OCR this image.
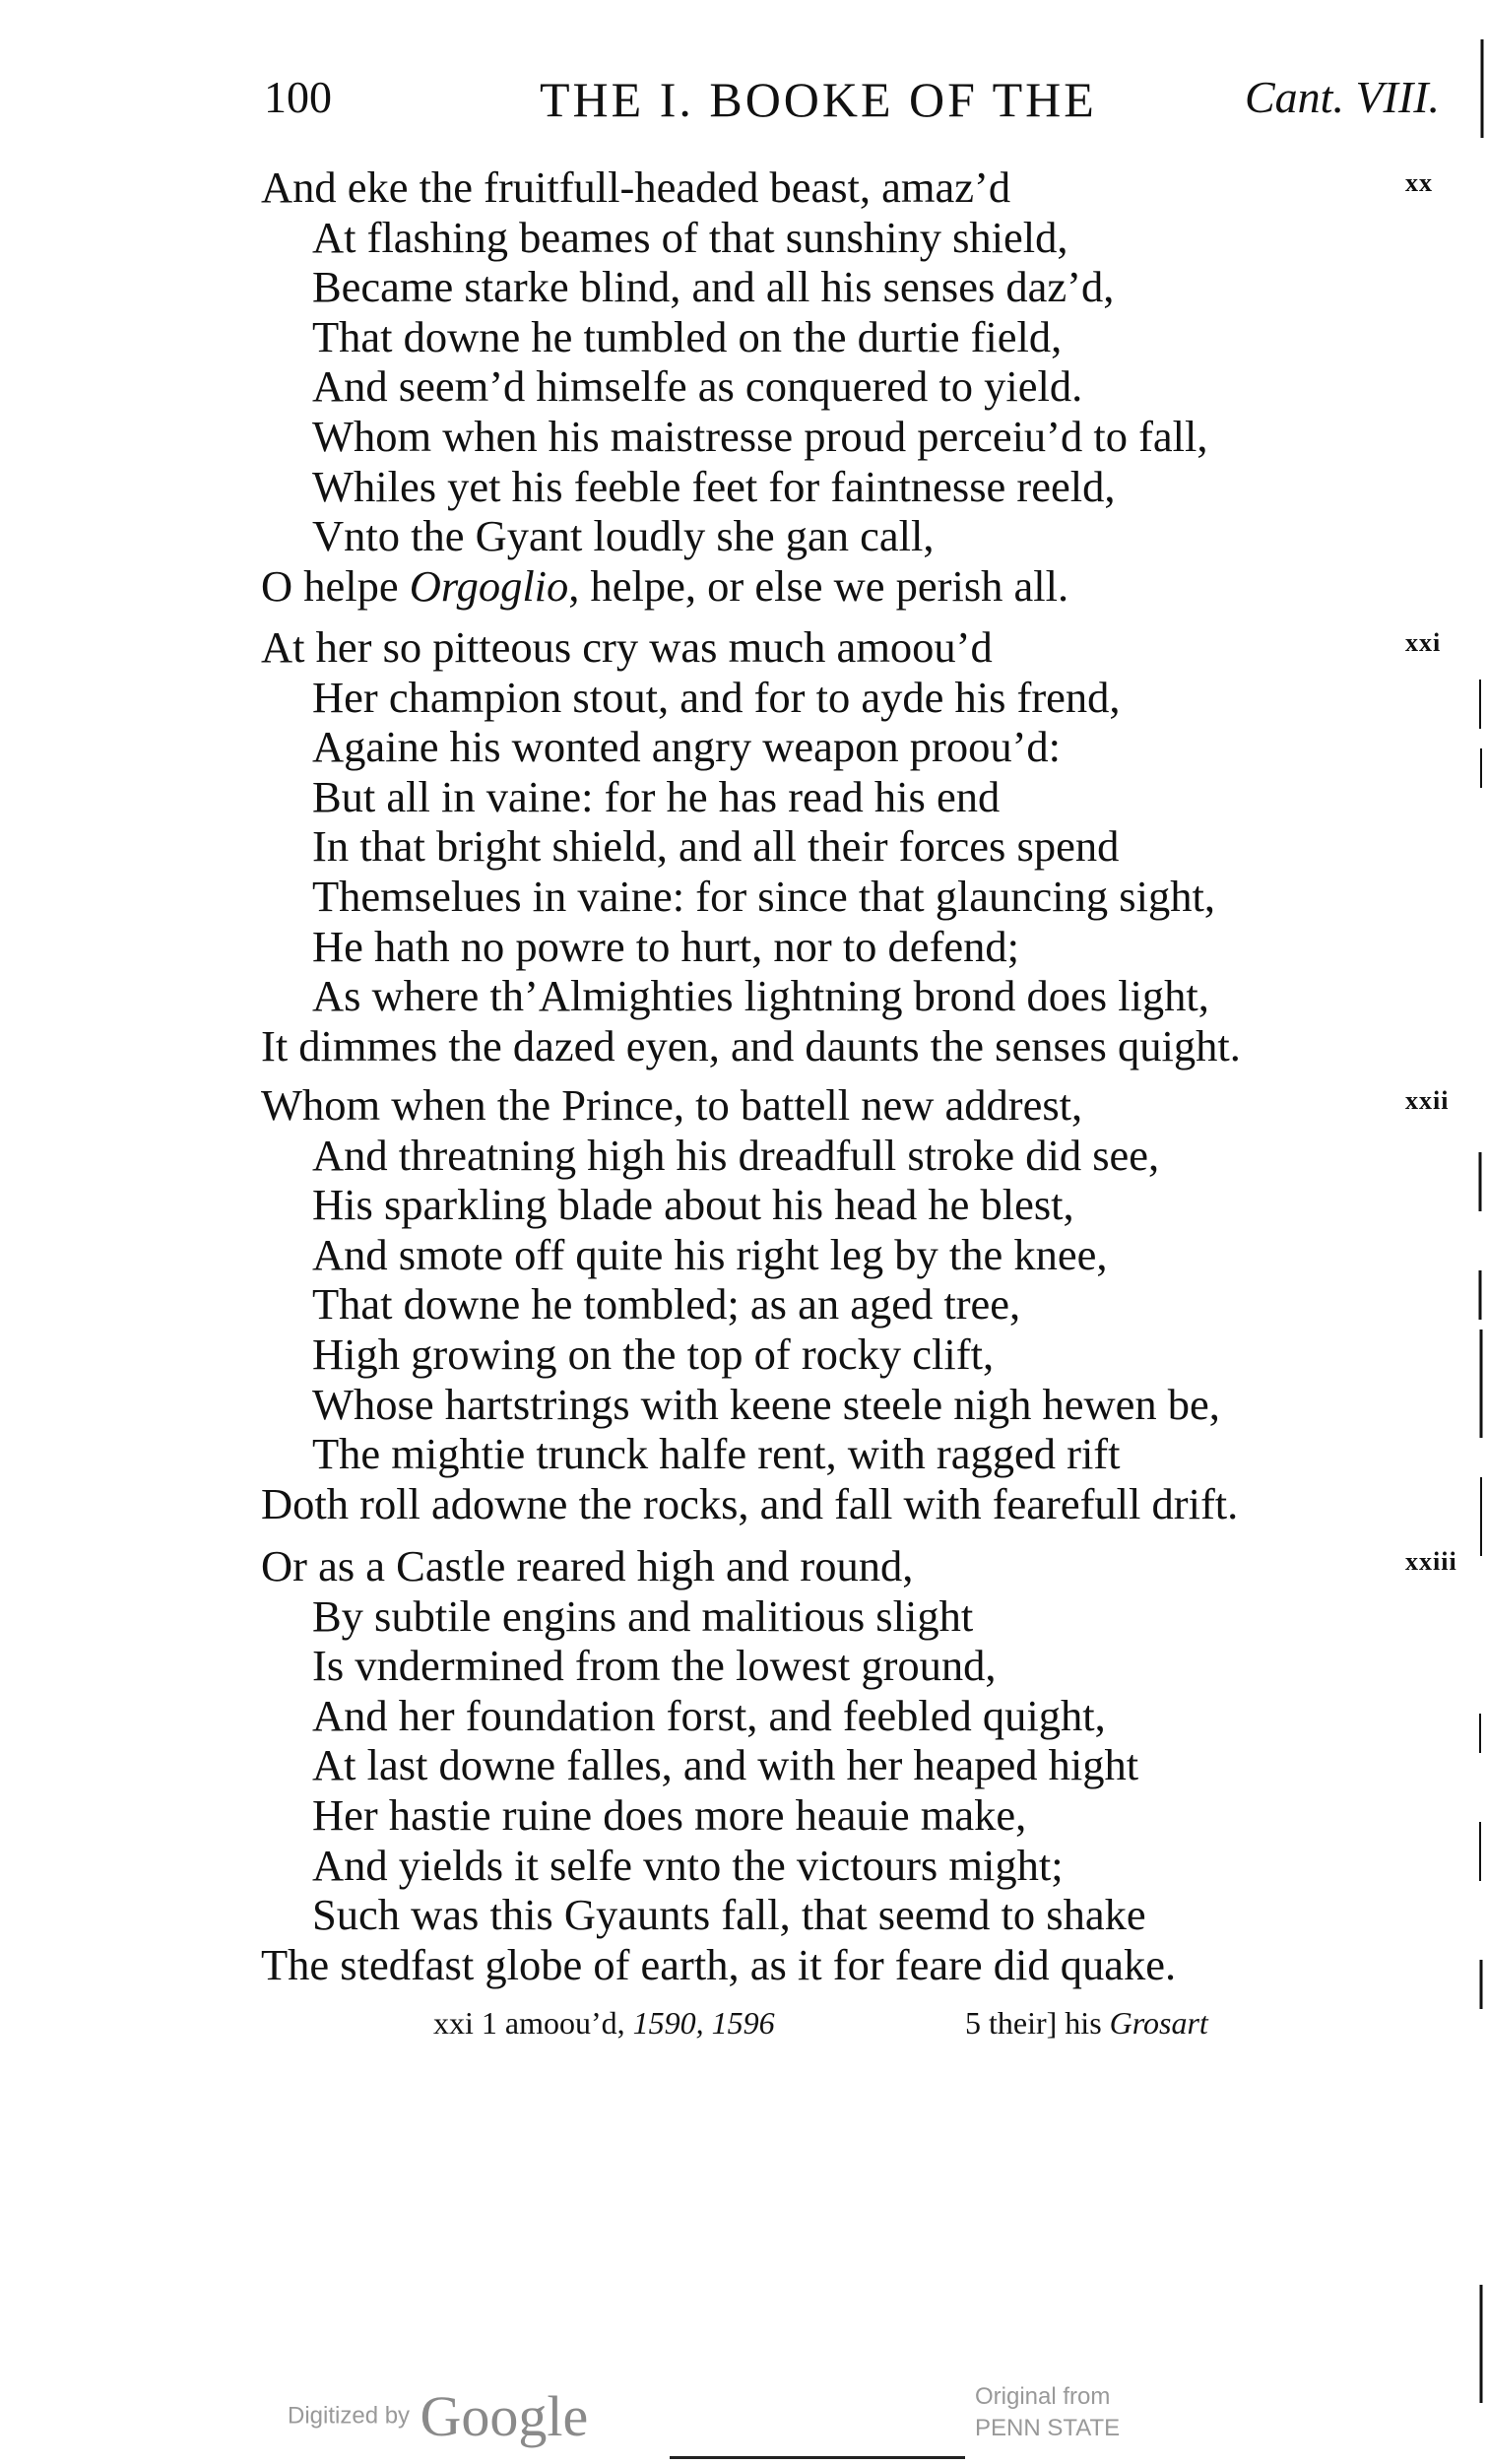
100	THE I. BOOKE OF THE	Cant. VIII.
xx
And eke the fruitfull-headed beast, amaz’d
At flashing beames of that sunshiny shield,
Became starke blind, and all his senses daz’d,
That downe he tumbled on the durtie field,
And seem’d himselfe as conquered to yield.
Whom when his maistresse proud perceiu’d to fall,
Whiles yet his feeble feet for faintnesse reeld,
Vnto the Gyant loudly she gan call,
O helpe Orgoglio, helpe, or else we perish all.
xxi
At her so pitteous cry was much amoou’d
Her champion stout, and for to ayde his frend,
Againe his wonted angry weapon proou’d:
But all in vaine: for he has read his end
In that bright shield, and all their forces spend
Themselues in vaine: for since that glauncing sight,
He hath no powre to hurt, nor to defend;
As where th’Almighties lightning brond does light,
It dimmes the dazed eyen, and daunts the senses quight.
xxii
Whom when the Prince, to battell new addrest,
And threatning high his dreadfull stroke did see,
His sparkling blade about his head he blest,
And smote off quite his right leg by the knee,
That downe he tombled; as an aged tree,
High growing on the top of rocky clift,
Whose hartstrings with keene steele nigh hewen be,
The mightie trunck halfe rent, with ragged rift
Doth roll adowne the rocks, and fall with fearefull drift.
xxiii
Or as a Castle reared high and round,
By subtile engins and malitious slight
Is vndermined from the lowest ground,
And her foundation forst, and feebled quight,
At last downe falles, and with her heaped hight
Her hastie ruine does more heauie make,
And yields it selfe vnto the victours might;
Such was this Gyaunts fall, that seemd to shake
The stedfast globe of earth, as it for feare did quake.
xxi 1 amoou’d, 1590, 1596	5 their] his Grosart
Digitized by Google	Original from
PENN STATE
